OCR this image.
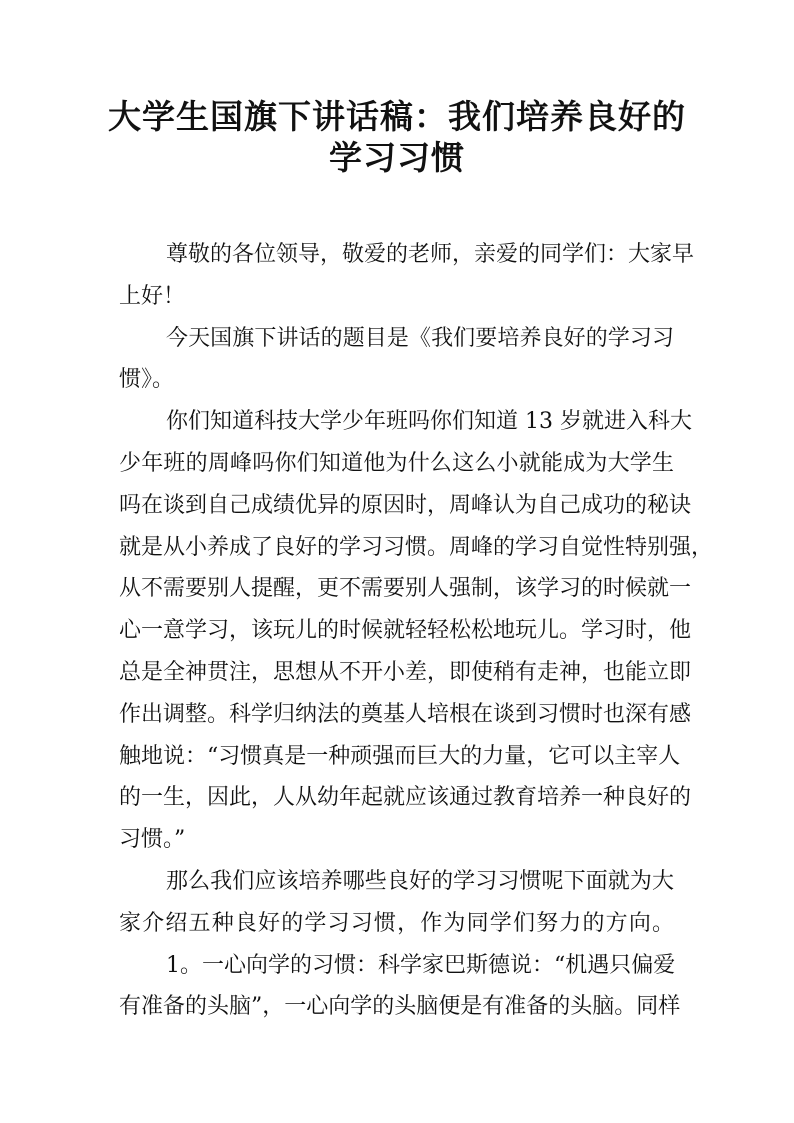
大学生国旗下讲话稿：我们培养良好的
学习习惯
尊敬的各位领导，敬爱的老师，亲爱的同学们：大家早
上好！
今天国旗下讲话的题目是《我们要培养良好的学习习
惯》。
你们知道科技大学少年班吗你们知道 13 岁就进入科大
少年班的周峰吗你们知道他为什么这么小就能成为大学生
吗在谈到自己成绩优异的原因时，周峰认为自己成功的秘诀
就是从小养成了良好的学习习惯。周峰的学习自觉性特别强，
从不需要别人提醒，更不需要别人强制，该学习的时候就一
心一意学习，该玩儿的时候就轻轻松松地玩儿。学习时，他
总是全神贯注，思想从不开小差，即使稍有走神，也能立即
作出调整。科学归纳法的奠基人培根在谈到习惯时也深有感
触地说：“习惯真是一种顽强而巨大的力量，它可以主宰人
的一生，因此，人从幼年起就应该通过教育培养一种良好的
习惯。”
那么我们应该培养哪些良好的学习习惯呢下面就为大
家介绍五种良好的学习习惯，作为同学们努力的方向。
1。一心向学的习惯：科学家巴斯德说：“机遇只偏爱
有准备的头脑”，一心向学的头脑便是有准备的头脑。同样
